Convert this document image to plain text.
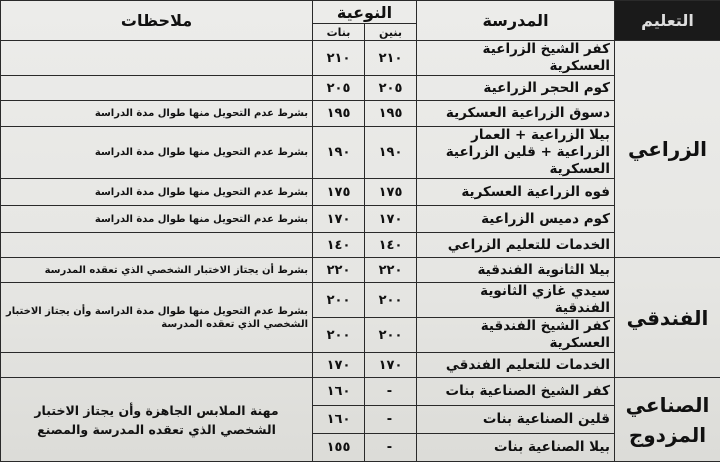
التعليم	المدرسة	النوعية		ملاحظات
		بنين	بنات	
الزراعي	كفر الشيخ الزراعية العسكرية	٢١٠	٢١٠	
	كوم الحجر الزراعية	٢٠٥	٢٠٥	
	دسوق الزراعية العسكرية	١٩٥	١٩٥	بشرط عدم التحويل منها طوال مدة الدراسة
	بيلا الزراعية + العمار الزراعية + قلين الزراعية العسكرية	١٩٠	١٩٠	بشرط عدم التحويل منها طوال مدة الدراسة
	فوه الزراعية العسكرية	١٧٥	١٧٥	بشرط عدم التحويل منها طوال مدة الدراسة
	كوم دميس الزراعية	١٧٠	١٧٠	بشرط عدم التحويل منها طوال مدة الدراسة
	الخدمات للتعليم الزراعي	١٤٠	١٤٠	
الفندقي	بيلا الثانوية الفندقية	٢٢٠	٢٢٠	بشرط أن يجتاز الاختبار الشخصي الذي تعقده المدرسة
	سيدي غازي الثانوية الفندقية	٢٠٠	٢٠٠	بشرط عدم التحويل منها طوال مدة الدراسة وأن يجتاز الاختبار الشخصي الذي تعقده المدرسة
	كفر الشيخ الفندقية العسكرية	٢٠٠	٢٠٠	
	الخدمات للتعليم الفندقي	١٧٠	١٧٠	
الصناعي المزدوج	كفر الشيخ الصناعية بنات	-	١٦٠	مهنة الملابس الجاهزة وأن يجتاز الاختبار الشخصي الذي تعقده المدرسة والمصنع
	قلين الصناعية بنات	-	١٦٠	
	بيلا الصناعية بنات	-	١٥٥	
